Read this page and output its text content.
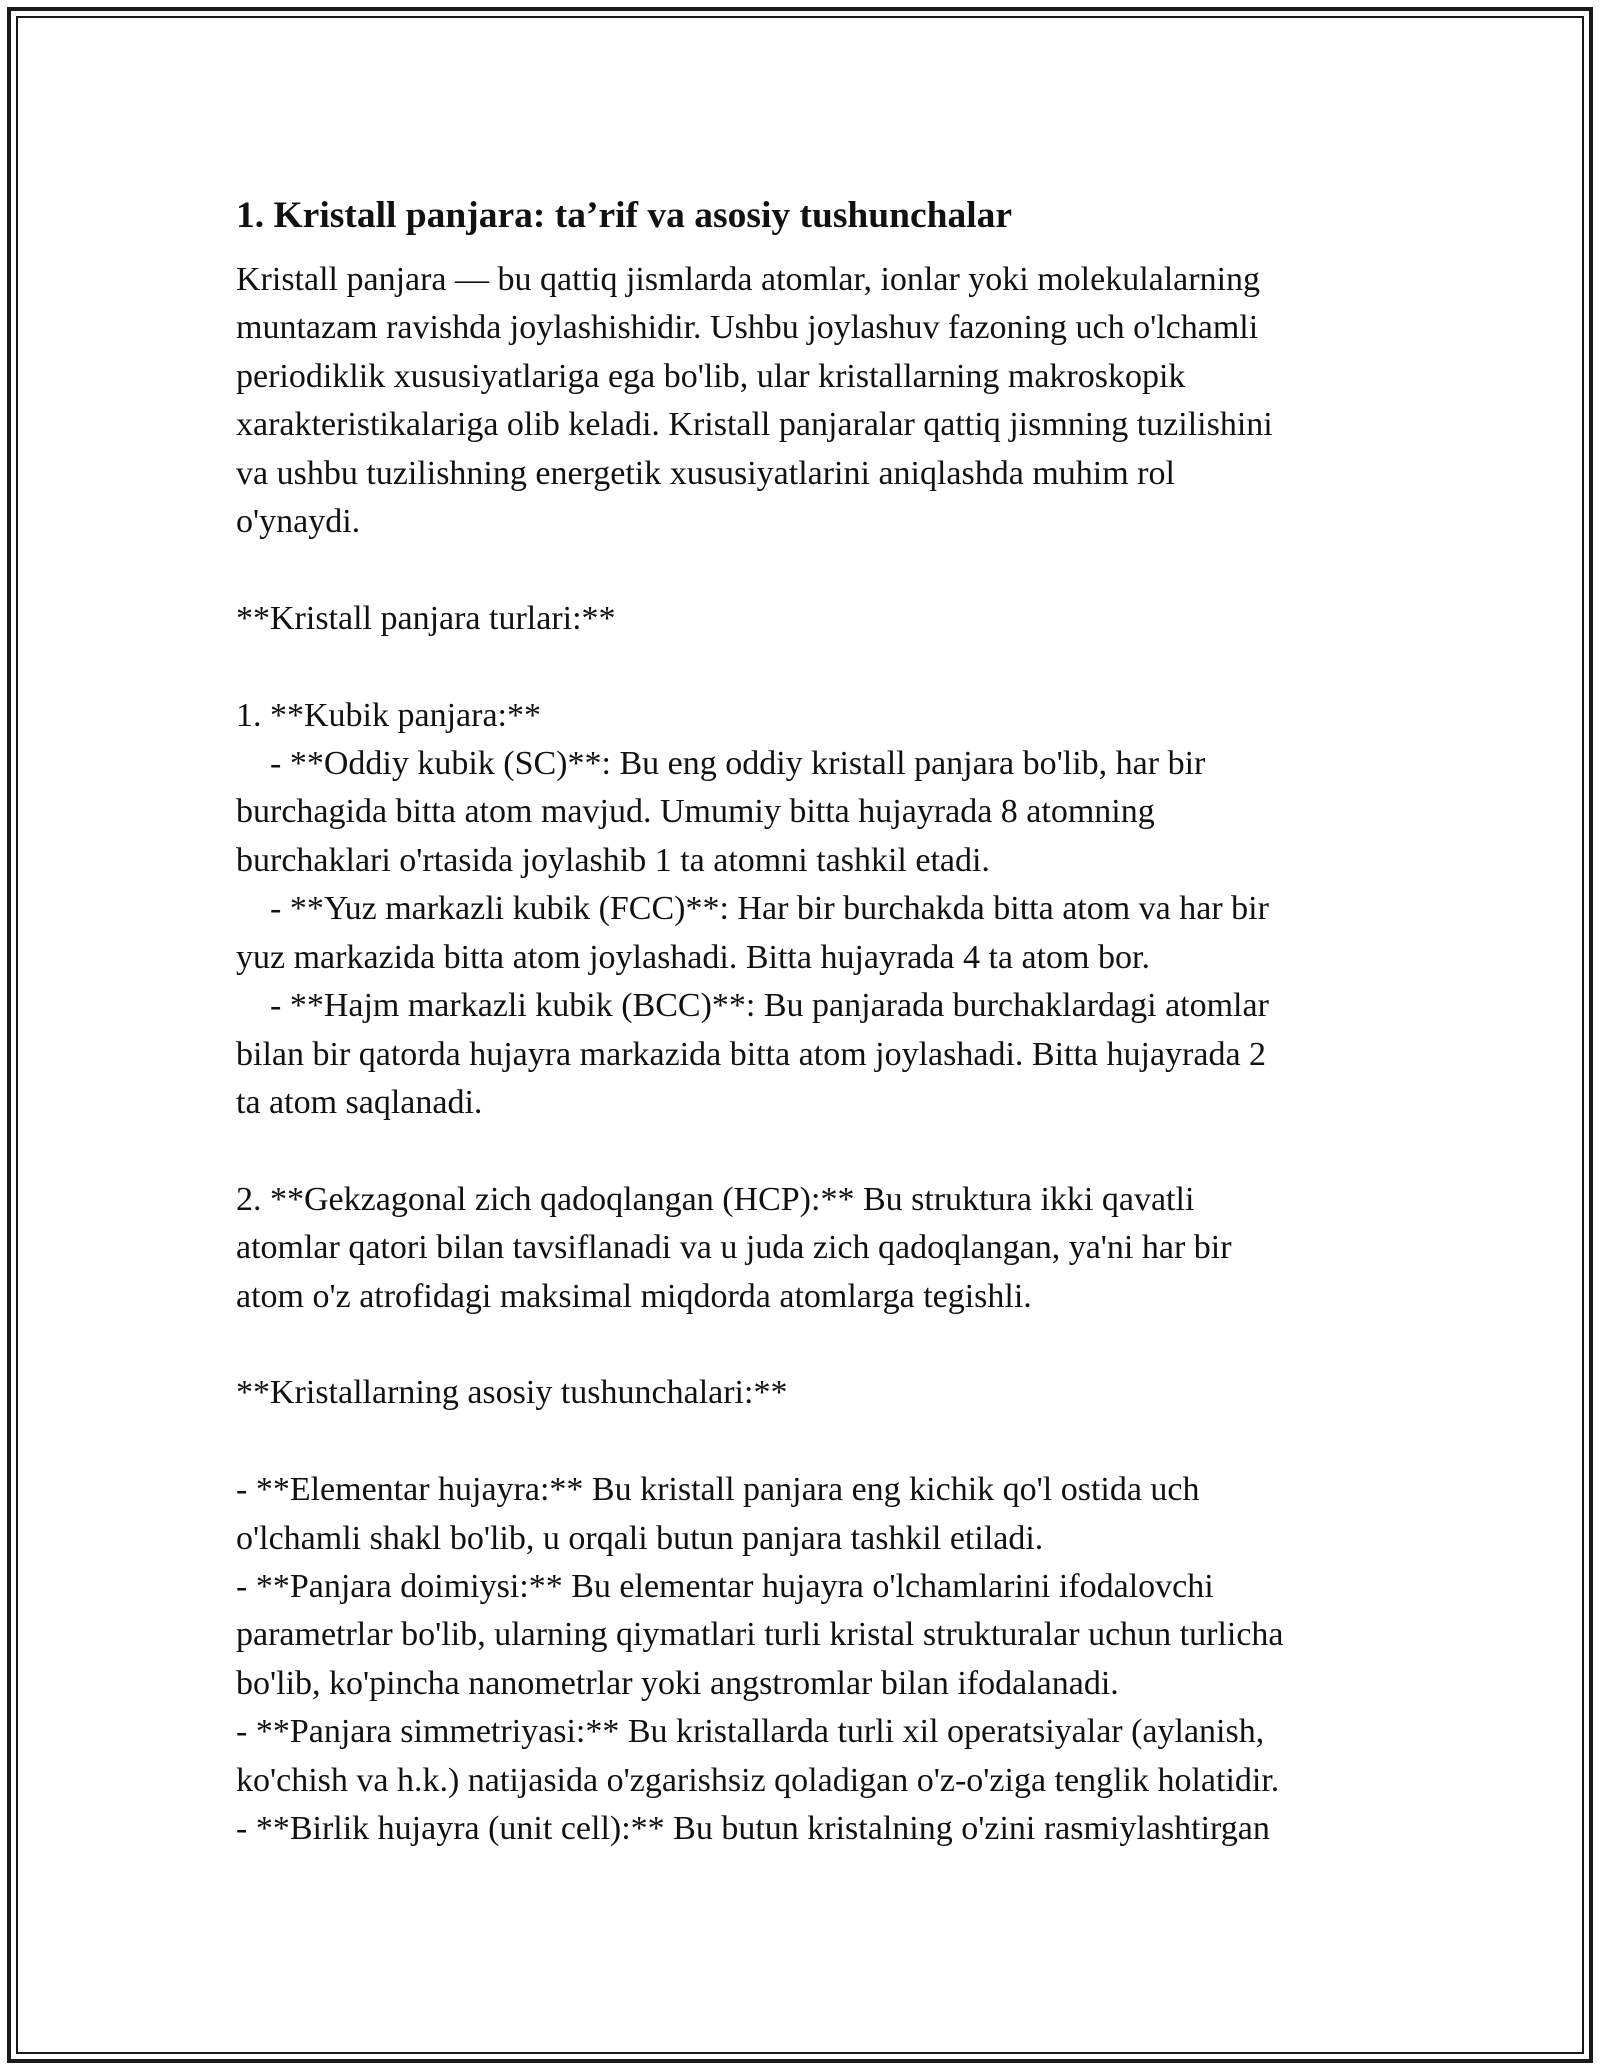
1. Kristall panjara: ta’rif va asosiy tushunchalar

Kristall panjara — bu qattiq jismlarda atomlar, ionlar yoki molekulalarning

muntazam ravishda joylashishidir. Ushbu joylashuv fazoning uch o'lchamli

periodiklik xususiyatlariga ega bo'lib, ular kristallarning makroskopik

xarakteristikalariga olib keladi. Kristall panjaralar qattiq jismning tuzilishini

va ushbu tuzilishning energetik xususiyatlarini aniqlashda muhim rol

o'ynaydi.

**Kristall panjara turlari:**

1. **Kubik panjara:**

- **Oddiy kubik (SC)**: Bu eng oddiy kristall panjara bo'lib, har bir

burchagida bitta atom mavjud. Umumiy bitta hujayrada 8 atomning

burchaklari o'rtasida joylashib 1 ta atomni tashkil etadi.

- **Yuz markazli kubik (FCC)**: Har bir burchakda bitta atom va har bir

yuz markazida bitta atom joylashadi. Bitta hujayrada 4 ta atom bor.

- **Hajm markazli kubik (BCC)**: Bu panjarada burchaklardagi atomlar

bilan bir qatorda hujayra markazida bitta atom joylashadi. Bitta hujayrada 2

ta atom saqlanadi.

2. **Gekzagonal zich qadoqlangan (HCP):** Bu struktura ikki qavatli

atomlar qatori bilan tavsiflanadi va u juda zich qadoqlangan, ya'ni har bir

atom o'z atrofidagi maksimal miqdorda atomlarga tegishli.

**Kristallarning asosiy tushunchalari:**

- **Elementar hujayra:** Bu kristall panjara eng kichik qo'l ostida uch

o'lchamli shakl bo'lib, u orqali butun panjara tashkil etiladi.

- **Panjara doimiysi:** Bu elementar hujayra o'lchamlarini ifodalovchi

parametrlar bo'lib, ularning qiymatlari turli kristal strukturalar uchun turlicha

bo'lib, ko'pincha nanometrlar yoki angstromlar bilan ifodalanadi.

- **Panjara simmetriyasi:** Bu kristallarda turli xil operatsiyalar (aylanish,

ko'chish va h.k.) natijasida o'zgarishsiz qoladigan o'z-o'ziga tenglik holatidir.

- **Birlik hujayra (unit cell):** Bu butun kristalning o'zini rasmiylashtirgan
